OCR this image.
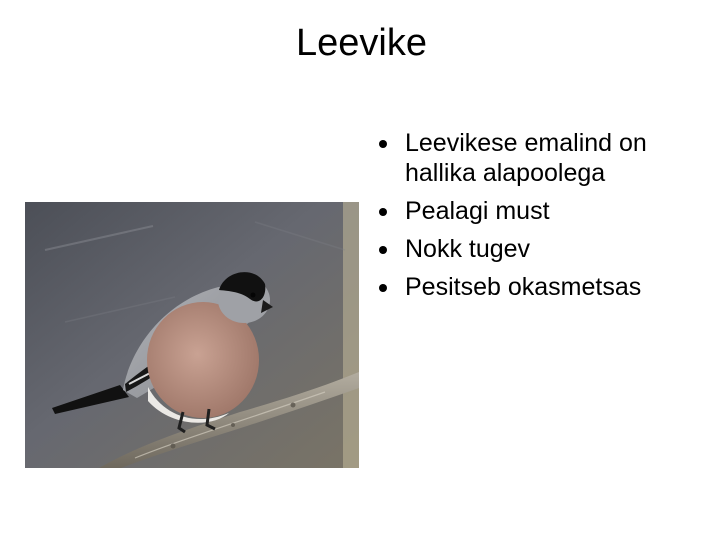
Leevike
Leevikese emalind on hallika alapoolega
Pealagi must
Nokk tugev
Pesitseb okasmetsas
